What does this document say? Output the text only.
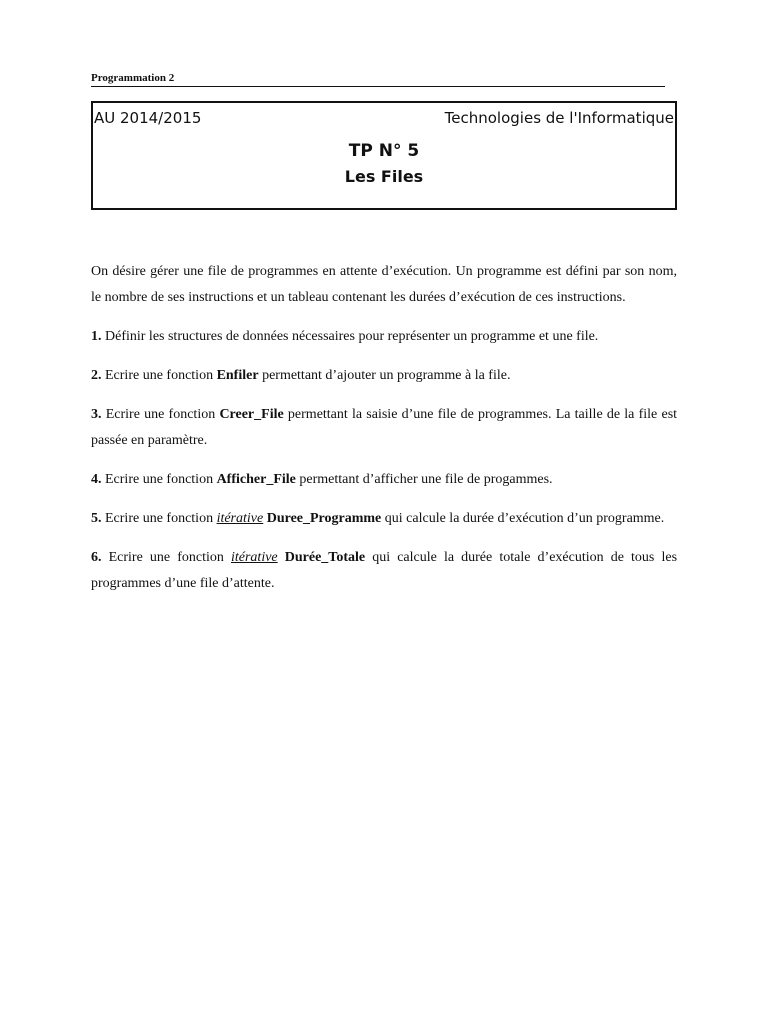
Programmation 2
AU 2014/2015	Technologies de l'Informatique
TP N° 5
Les Files

On désire gérer une file de programmes en attente d’exécution. Un programme est défini par son nom, le nombre de ses instructions et un tableau contenant les durées d’exécution de ces instructions.

1. Définir les structures de données nécessaires pour représenter un programme et une file.

2. Ecrire une fonction Enfiler permettant d’ajouter un programme à la file.

3. Ecrire une fonction Creer_File permettant la saisie d’une file de programmes. La taille de la file est passée en paramètre.

4. Ecrire une fonction Afficher_File permettant d’afficher une file de progammes.

5. Ecrire une fonction itérative Duree_Programme qui calcule la durée d’exécution d’un programme.

6. Ecrire une fonction itérative Durée_Totale qui calcule la durée totale d’exécution de tous les programmes d’une file d’attente.
